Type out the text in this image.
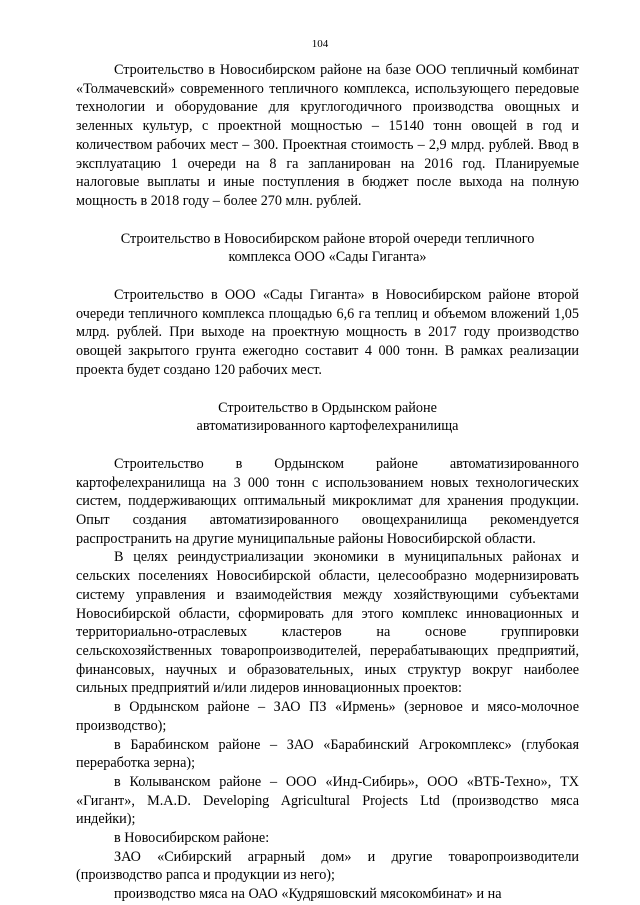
104

Строительство в Новосибирском районе на базе ООО тепличный комбинат «Толмачевский» современного тепличного комплекса, использующего передовые технологии и оборудование для круглогодичного производства овощных и зеленных культур, с проектной мощностью – 15140 тонн овощей в год и количеством рабочих мест – 300. Проектная стоимость – 2,9 млрд. рублей. Ввод в эксплуатацию 1 очереди на 8 га запланирован на 2016 год. Планируемые налоговые выплаты и иные поступления в бюджет после выхода на полную мощность в 2018 году – более 270 млн. рублей.

Строительство в Новосибирском районе второй очереди тепличного
комплекса ООО «Сады Гиганта»

Строительство в ООО «Сады Гиганта» в Новосибирском районе второй очереди тепличного комплекса площадью 6,6 га теплиц и объемом вложений 1,05 млрд. рублей. При выходе на проектную мощность в 2017 году производство овощей закрытого грунта ежегодно составит 4 000 тонн. В рамках реализации проекта будет создано 120 рабочих мест.

Строительство в Ордынском районе
автоматизированного картофелехранилища

Строительство в Ордынском районе автоматизированного картофелехранилища на 3 000 тонн с использованием новых технологических систем, поддерживающих оптимальный микроклимат для хранения продукции. Опыт создания автоматизированного овощехранилища рекомендуется распространить на другие муниципальные районы Новосибирской области.

В целях реиндустриализации экономики в муниципальных районах и сельских поселениях Новосибирской области, целесообразно модернизировать систему управления и взаимодействия между хозяйствующими субъектами Новосибирской области, сформировать для этого комплекс инновационных и территориально-отраслевых кластеров на основе группировки сельскохозяйственных товаропроизводителей, перерабатывающих предприятий, финансовых, научных и образовательных, иных структур вокруг наиболее сильных предприятий и/или лидеров инновационных проектов:

в Ордынском районе – ЗАО ПЗ «Ирмень» (зерновое и мясо-молочное производство);

в Барабинском районе – ЗАО «Барабинский Агрокомплекс» (глубокая переработка зерна);

в Колыванском районе – ООО «Инд-Сибирь», ООО «ВТБ-Техно», ТХ «Гигант», M.A.D. Developing Agricultural Projects Ltd (производство мяса индейки);

в Новосибирском районе:

ЗАО «Сибирский аграрный дом» и другие товаропроизводители (производство рапса и продукции из него);

производство мяса на ОАО «Кудряшовский мясокомбинат» и на
